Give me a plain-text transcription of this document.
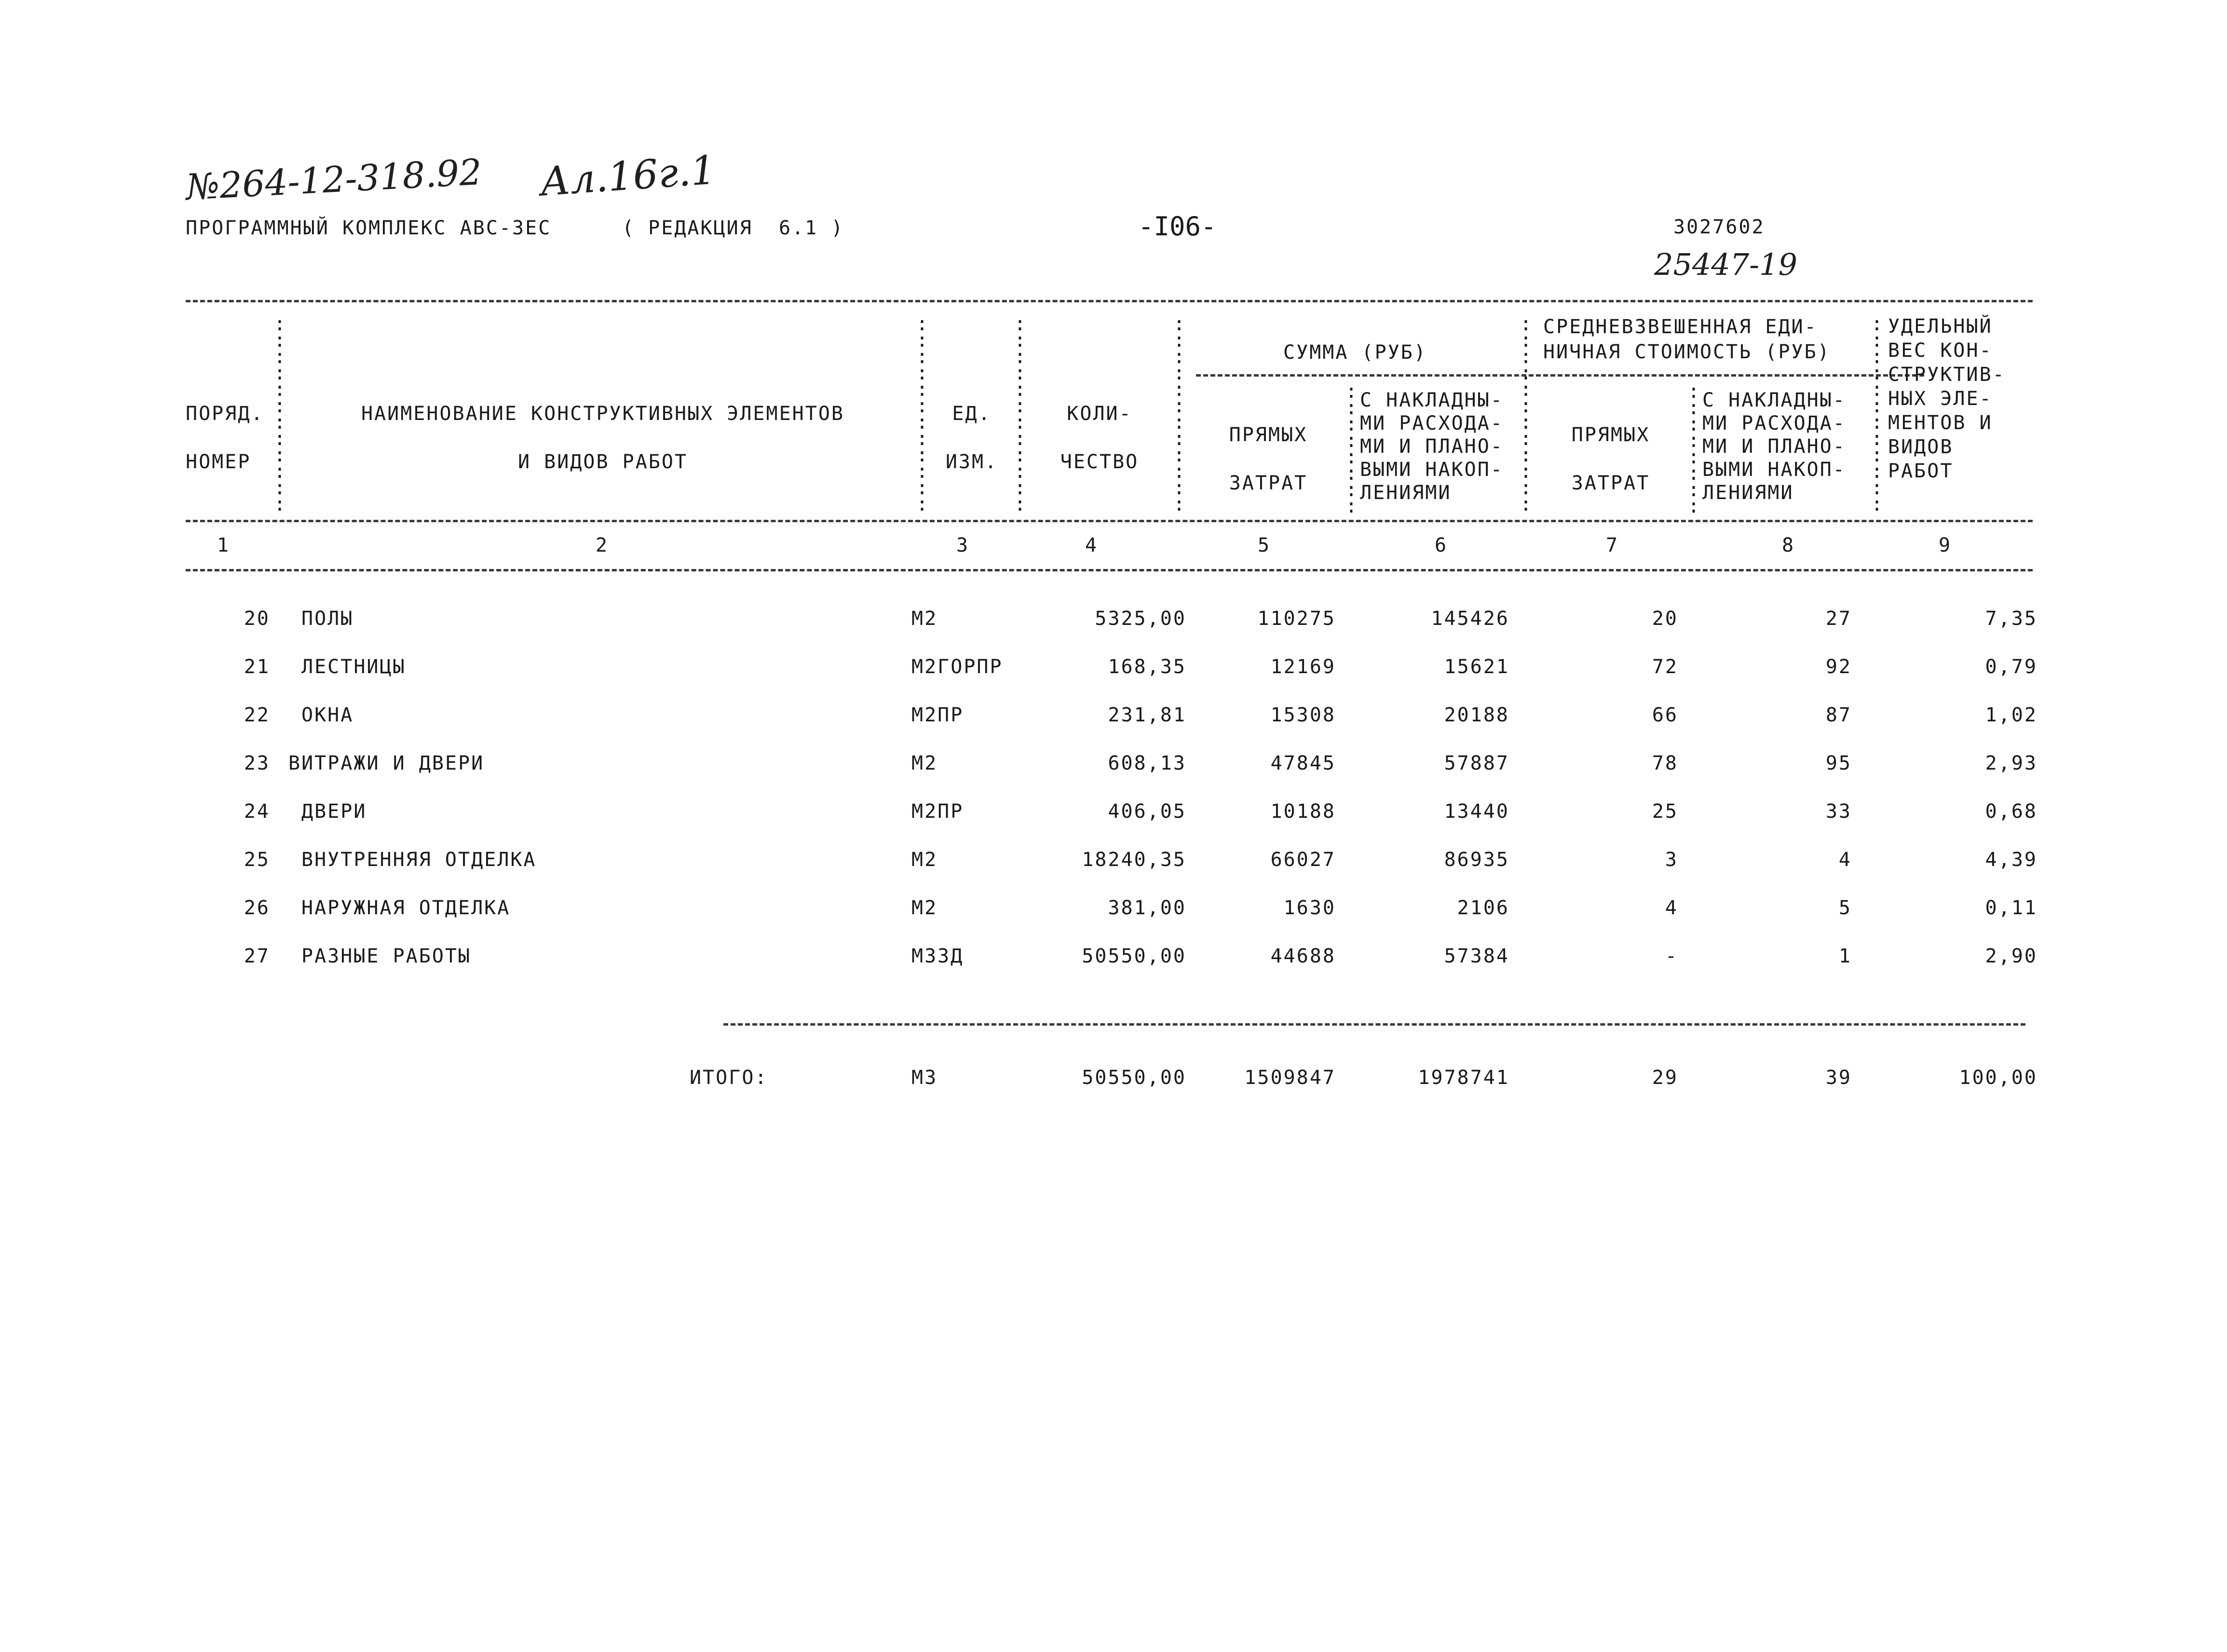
№264-12-318.92 Ал.16г.1
25447-19
ПРОГРАММНЫЙ КОМПЛЕКС АВС-ЗЕС	( РЕДАКЦИЯ  6.1 )	-I06-	3027602
:
:
:
:
:
:
:
:
:
:
:
:
:
:
:
:
:
:
:
:
:
:
:
:
:
:
:
:
:
:
:
:
:
:
:
:
:
:
:
:
:
:
:
:
:
:
:
:
:
:
:
:
:
:
:
:
:
:
:
:
:
:
:
:
:
:
:
:
:
:
:
:
:
:
:
:
:
:
:
:
:
:
:
:
:
:
:
:
ПОРЯД.
НОМЕР
НАИМЕНОВАНИЕ КОНСТРУКТИВНЫХ ЭЛЕМЕНТОВ
И ВИДОВ РАБОТ
ЕД.
ИЗМ.
КОЛИ-
ЧЕСТВО
СУММА (РУБ)
ПРЯМЫХ
ЗАТРАТ
С НАКЛАДНЫ-
МИ РАСХОДА-
МИ И ПЛАНО-
ВЫМИ НАКОП-
ЛЕНИЯМИ
СРЕДНЕВЗВЕШЕННАЯ ЕДИ-
НИЧНАЯ СТОИМОСТЬ (РУБ)
ПРЯМЫХ
ЗАТРАТ
С НАКЛАДНЫ-
МИ РАСХОДА-
МИ И ПЛАНО-
ВЫМИ НАКОП-
ЛЕНИЯМИ
УДЕЛЬНЫЙ
ВЕС КОН-
СТРУКТИВ-
НЫХ ЭЛЕ-
МЕНТОВ И
ВИДОВ
РАБОТ
1	2	3	4	5	6	7	8	9
20 ПОЛЫ	М2	5325,00	110275	145426	20	27	7,35
21 ЛЕСТНИЦЫ	М2ГОРПР	168,35	12169	15621	72	92	0,79
22 ОКНА	М2ПР	231,81	15308	20188	66	87	1,02
23 ВИТРАЖИ И ДВЕРИ	М2	608,13	47845	57887	78	95	2,93
24 ДВЕРИ	М2ПР	406,05	10188	13440	25	33	0,68
25 ВНУТРЕННЯЯ ОТДЕЛКА	М2	18240,35	66027	86935	3	4	4,39
26 НАРУЖНАЯ ОТДЕЛКА	М2	381,00	1630	2106	4	5	0,11
27 РАЗНЫЕ РАБОТЫ	М3ЗД	50550,00	44688	57384	-	1	2,90
ИТОГО:	М3	50550,00	1509847	1978741	29	39	100,00
